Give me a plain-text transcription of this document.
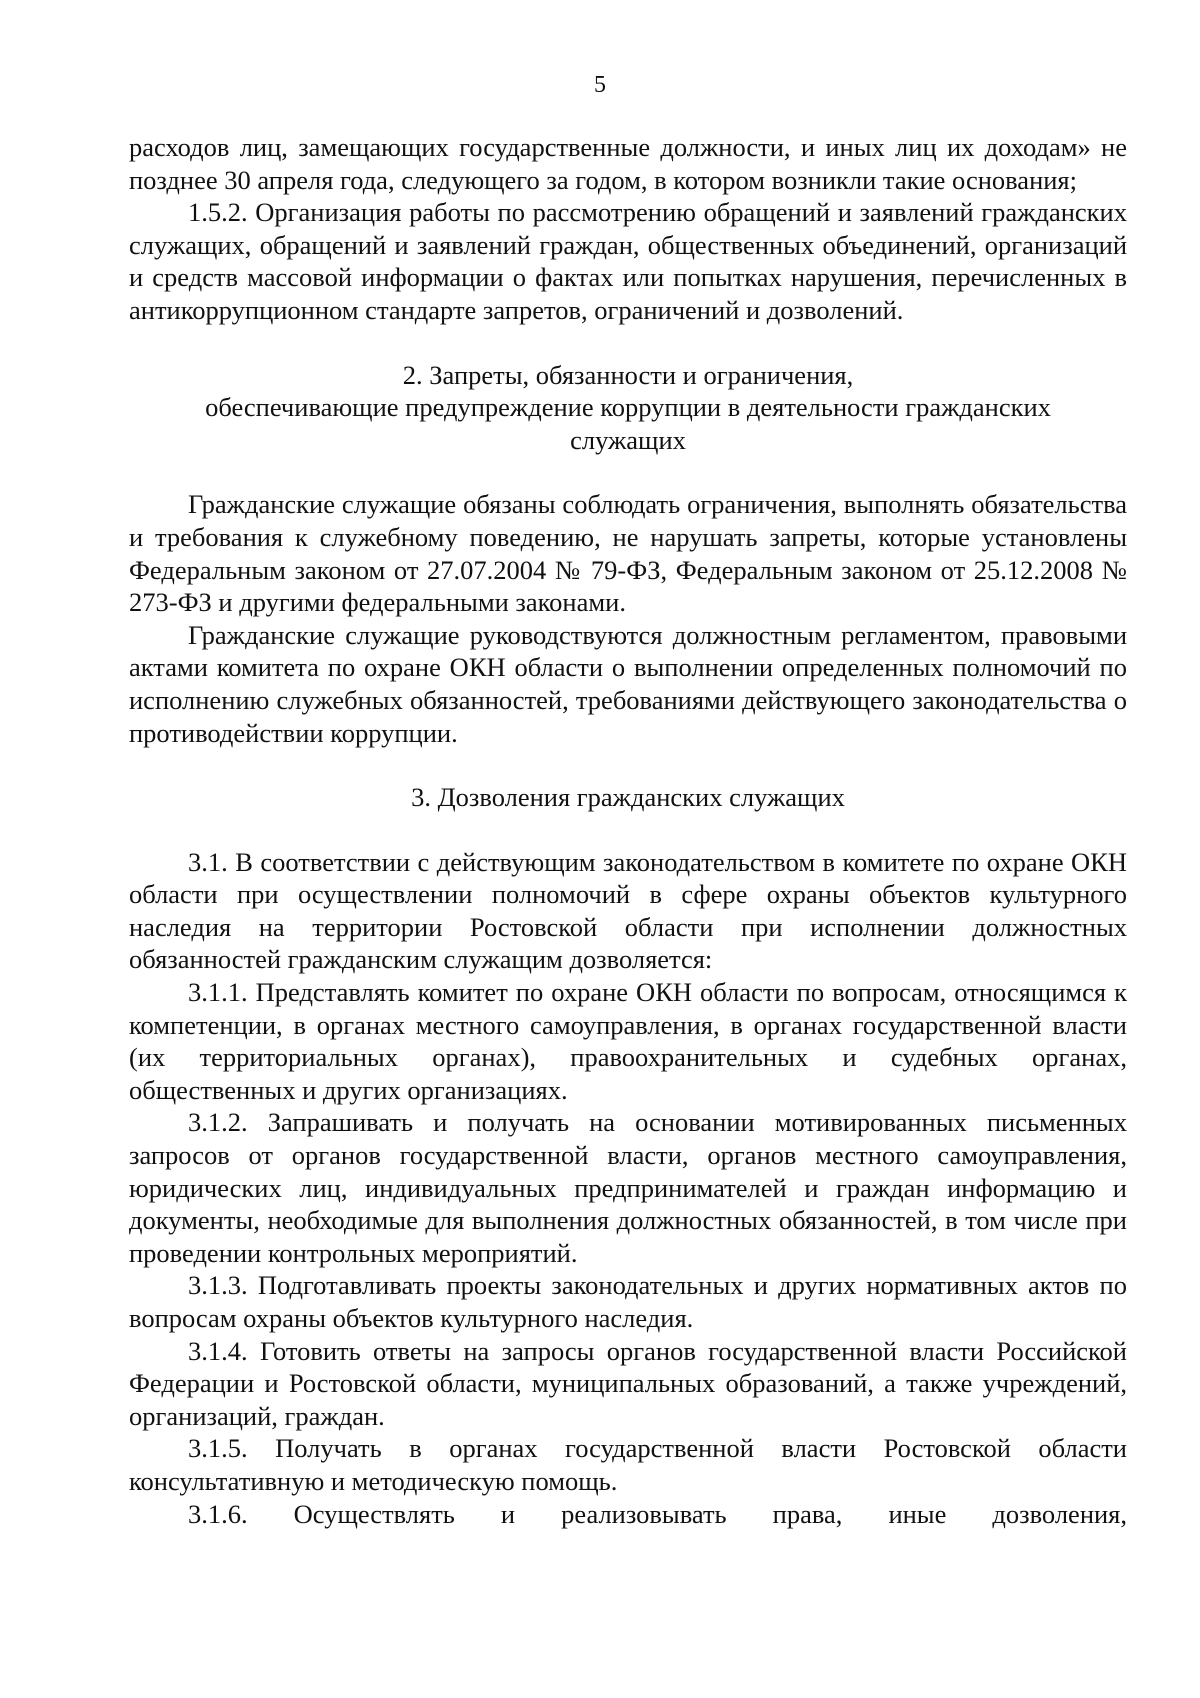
5

расходов лиц, замещающих государственные должности, и иных лиц их доходам» не позднее 30 апреля года, следующего за годом, в котором возникли такие основания;

1.5.2. Организация работы по рассмотрению обращений и заявлений гражданских служащих, обращений и заявлений граждан, общественных объединений, организаций и средств массовой информации о фактах или попытках нарушения, перечисленных в антикоррупционном стандарте запретов, ограничений и дозволений.

2. Запреты, обязанности и ограничения,
обеспечивающие предупреждение коррупции в деятельности гражданских служащих

Гражданские служащие обязаны соблюдать ограничения, выполнять обязательства и требования к служебному поведению, не нарушать запреты, которые установлены Федеральным законом от 27.07.2004 № 79-ФЗ, Федеральным законом от 25.12.2008 № 273-ФЗ и другими федеральными законами.

Гражданские служащие руководствуются должностным регламентом, правовыми актами комитета по охране ОКН области о выполнении определенных полномочий по исполнению служебных обязанностей, требованиями действующего законодательства о противодействии коррупции.

3. Дозволения гражданских служащих

3.1. В соответствии с действующим законодательством в комитете по охране ОКН области при осуществлении полномочий в сфере охраны объектов культурного наследия на территории Ростовской области при исполнении должностных обязанностей гражданским служащим дозволяется:

3.1.1. Представлять комитет по охране ОКН области по вопросам, относящимся к компетенции, в органах местного самоуправления, в органах государственной власти (их территориальных органах), правоохранительных и судебных органах, общественных и других организациях.

3.1.2. Запрашивать и получать на основании мотивированных письменных запросов от органов государственной власти, органов местного самоуправления, юридических лиц, индивидуальных предпринимателей и граждан информацию и документы, необходимые для выполнения должностных обязанностей, в том числе при проведении контрольных мероприятий.

3.1.3. Подготавливать проекты законодательных и других нормативных актов по вопросам охраны объектов культурного наследия.

3.1.4. Готовить ответы на запросы органов государственной власти Российской Федерации и Ростовской области, муниципальных образований, а также учреждений, организаций, граждан.

3.1.5. Получать в органах государственной власти Ростовской области консультативную и методическую помощь.

3.1.6. Осуществлять и реализовывать права, иные дозволения,
